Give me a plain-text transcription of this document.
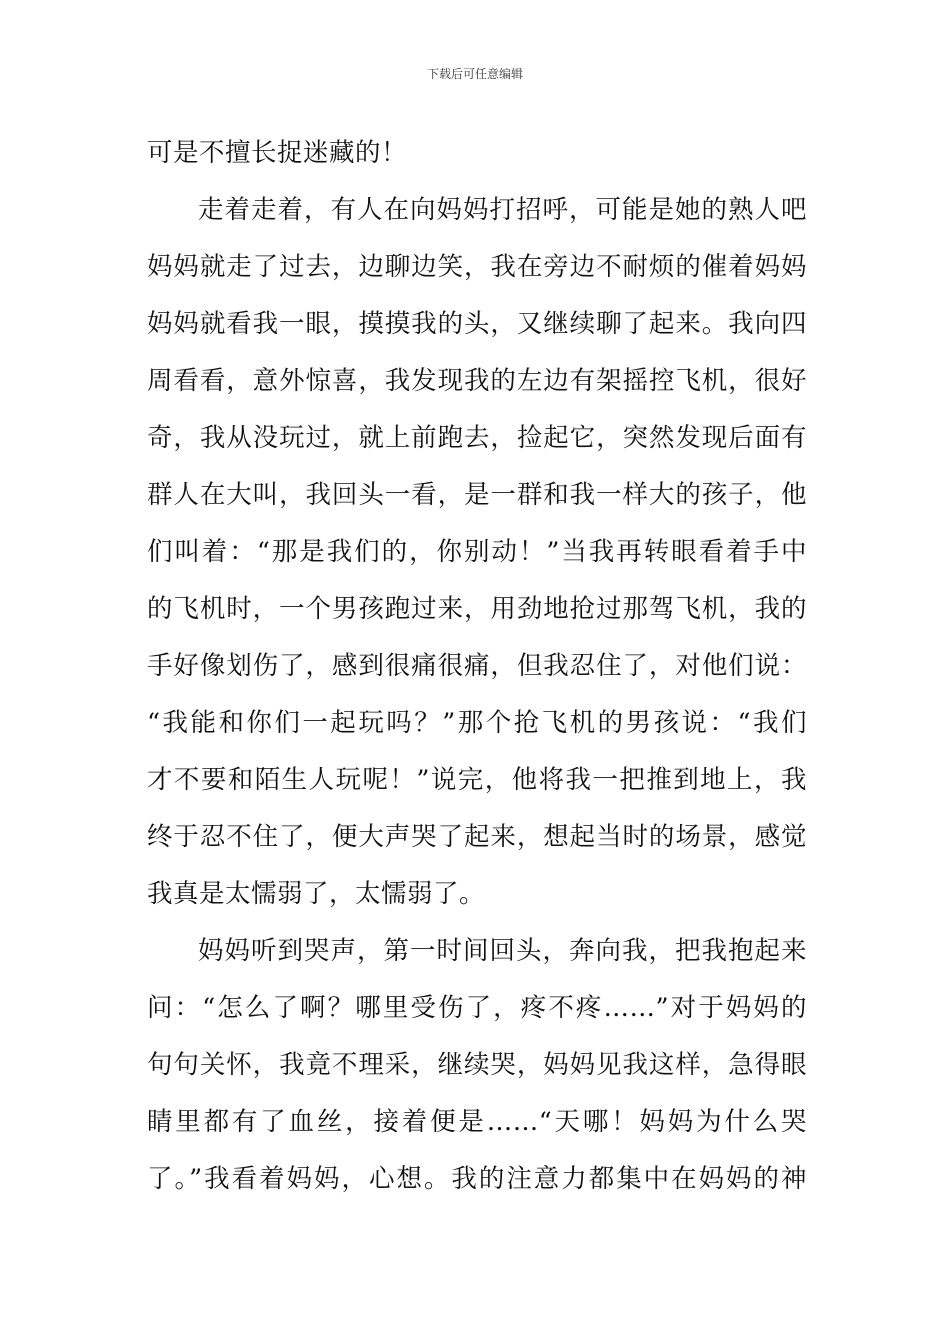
下载后可任意编辑
可是不擅长捉迷藏的！
走着走着，有人在向妈妈打招呼，可能是她的熟人吧
妈妈就走了过去，边聊边笑，我在旁边不耐烦的催着妈妈
妈妈就看我一眼，摸摸我的头，又继续聊了起来。我向四
周看看，意外惊喜，我发现我的左边有架摇控飞机，很好
奇，我从没玩过，就上前跑去，捡起它，突然发现后面有
群人在大叫，我回头一看，是一群和我一样大的孩子，他
们叫着：“那是我们的，你别动！”当我再转眼看着手中
的飞机时，一个男孩跑过来，用劲地抢过那驾飞机，我的
手好像划伤了，感到很痛很痛，但我忍住了，对他们说：
“我能和你们一起玩吗？”那个抢飞机的男孩说：“我们
才不要和陌生人玩呢！”说完，他将我一把推到地上，我
终于忍不住了，便大声哭了起来，想起当时的场景，感觉
我真是太懦弱了，太懦弱了。
妈妈听到哭声，第一时间回头，奔向我，把我抱起来
问：“怎么了啊？哪里受伤了，疼不疼……”对于妈妈的
句句关怀，我竟不理采，继续哭，妈妈见我这样，急得眼
睛里都有了血丝，接着便是……“天哪！妈妈为什么哭
了。”我看着妈妈，心想。我的注意力都集中在妈妈的神
